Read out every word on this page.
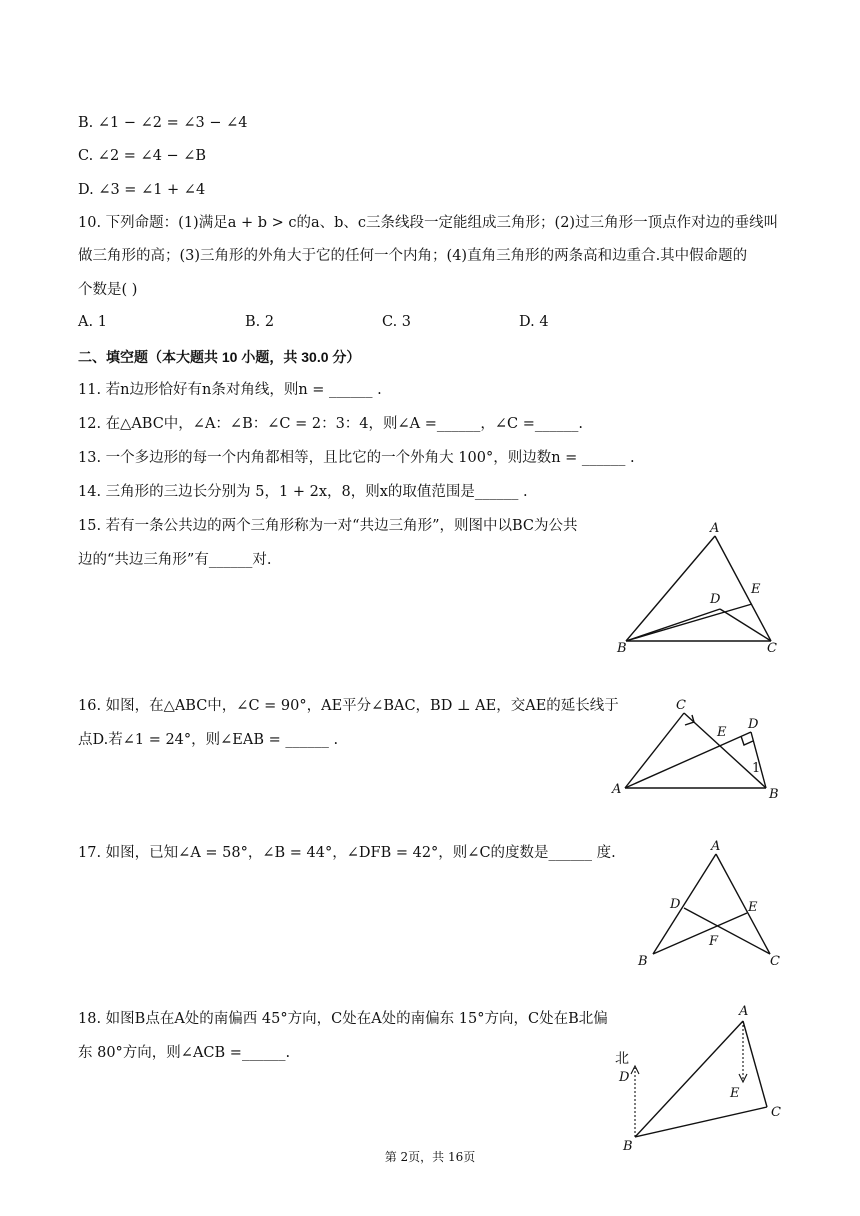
B. ∠1 − ∠2 = ∠3 − ∠4
C. ∠2 = ∠4 − ∠B
D. ∠3 = ∠1 + ∠4
10. 下列命题：(1)满足a + b > c的a、b、c三条线段一定能组成三角形；(2)过三角形一顶点作对边的垂线叫
做三角形的高；(3)三角形的外角大于它的任何一个内角；(4)直角三角形的两条高和边重合.其中假命题的
个数是( )
A. 1	B. 2	C. 3	D. 4
二、填空题（本大题共 10 小题，共 30.0 分）
11. 若n边形恰好有n条对角线，则n = ______ .
12. 在△ABC中，∠A：∠B：∠C = 2：3：4，则∠A =______，∠C =______.
13. 一个多边形的每一个内角都相等，且比它的一个外角大 100°，则边数n = ______ .
14. 三角形的三边长分别为 5，1 + 2x，8，则x的取值范围是______ .
15. 若有一条公共边的两个三角形称为一对“共边三角形”，则图中以BC为公共
边的“共边三角形”有______对.
A
B	C
D
E
16. 如图，在△ABC中，∠C = 90°，AE平分∠BAC，BD ⊥ AE，交AE的延长线于
点D.若∠1 = 24°，则∠EAB = ______ .
C
D
E
A	B
1
17. 如图，已知∠A = 58°，∠B = 44°，∠DFB = 42°，则∠C的度数是______ 度.	A
D	E
F
B	C
18. 如图B点在A处的南偏西 45°方向，C处在A处的南偏东 15°方向，C处在B北偏
东 80°方向，则∠ACB =______.	北
D
A
E
C
B
第 2页，共 16页
